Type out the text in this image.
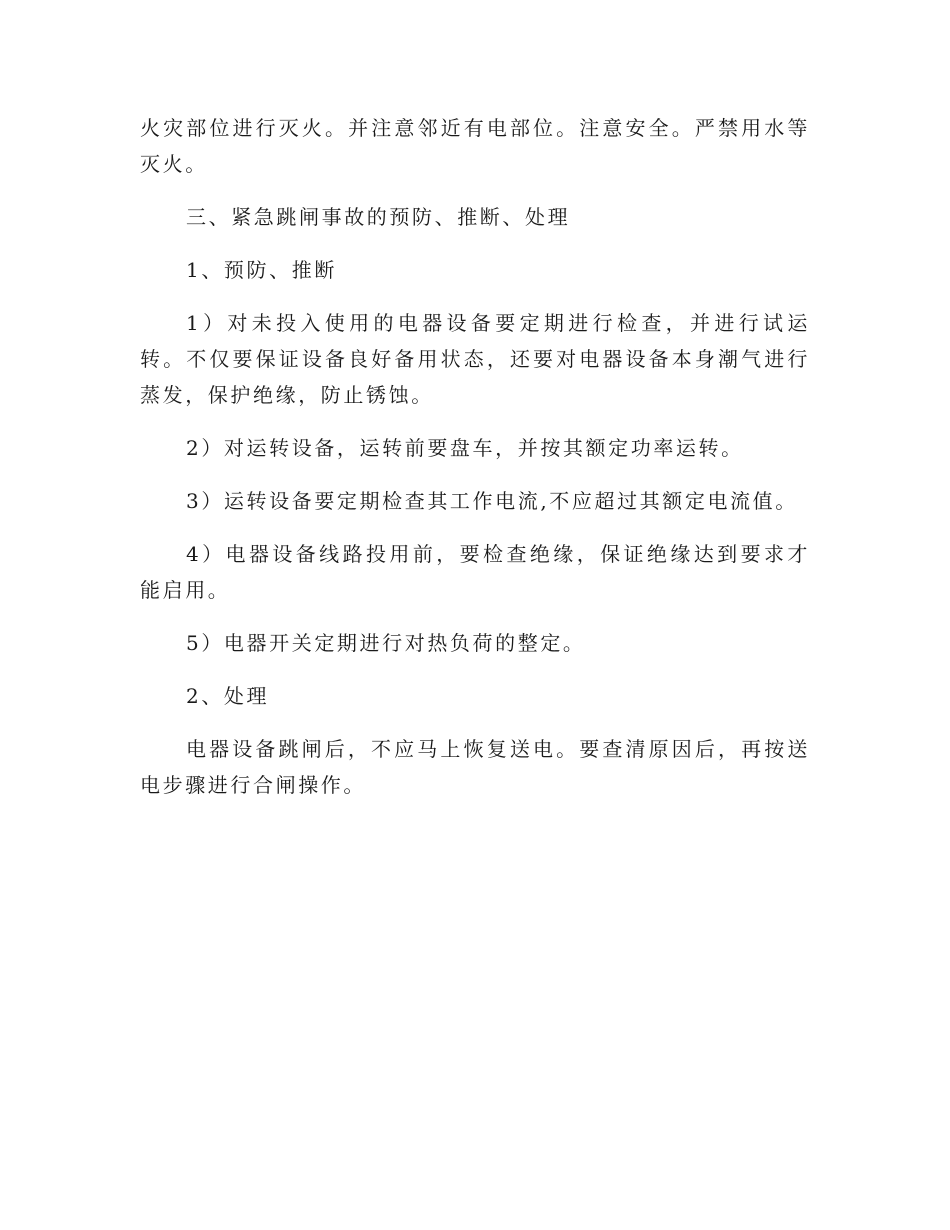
火灾部位进行灭火。并注意邻近有电部位。注意安全。严禁用水等灭火。

三、紧急跳闸事故的预防、推断、处理

1、预防、推断

1）对未投入使用的电器设备要定期进行检查，并进行试运转。不仅要保证设备良好备用状态，还要对电器设备本身潮气进行蒸发，保护绝缘，防止锈蚀。

2）对运转设备，运转前要盘车，并按其额定功率运转。

3）运转设备要定期检查其工作电流,不应超过其额定电流值。

4）电器设备线路投用前，要检查绝缘，保证绝缘达到要求才能启用。

5）电器开关定期进行对热负荷的整定。

2、处理

电器设备跳闸后，不应马上恢复送电。要查清原因后，再按送电步骤进行合闸操作。
